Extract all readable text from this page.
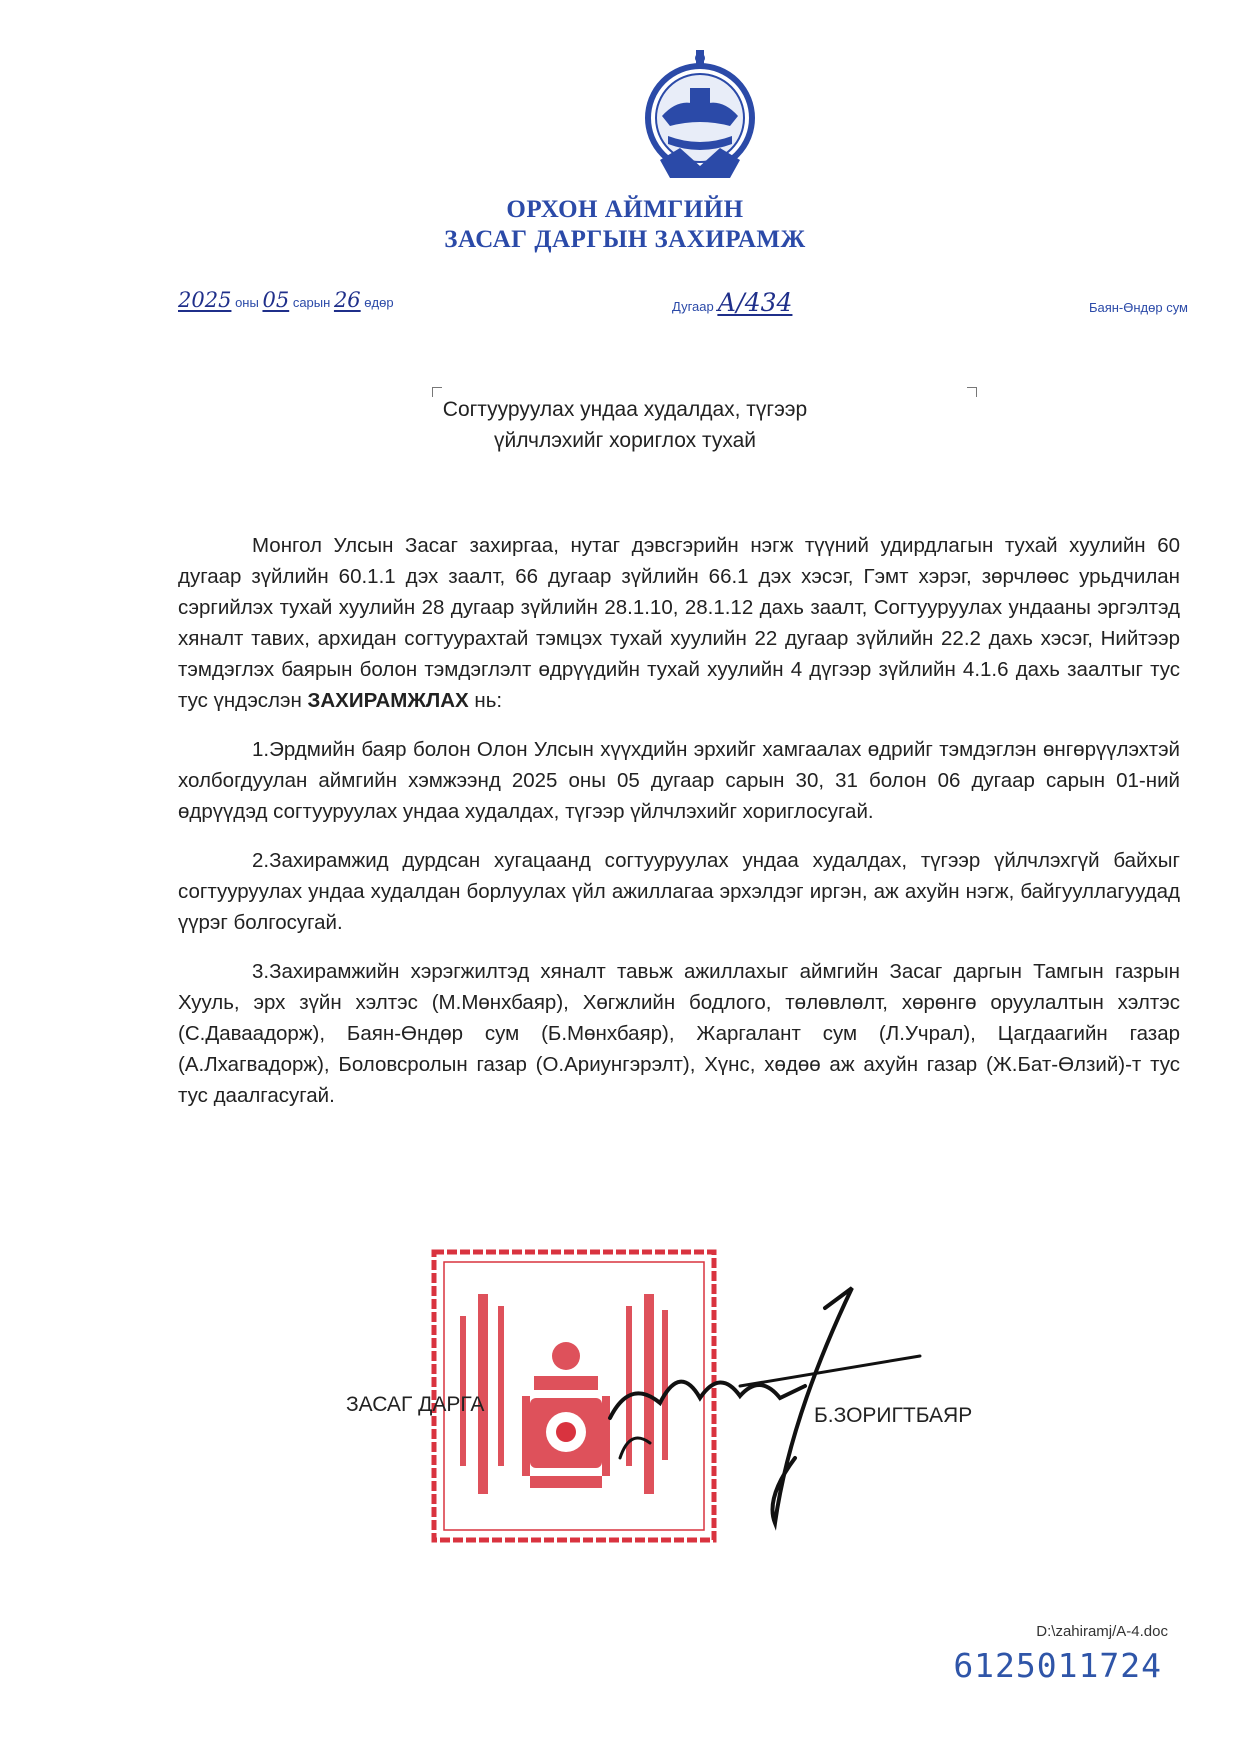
ОРХОН АЙМГИЙН
ЗАСАГ ДАРГЫН ЗАХИРАМЖ
2025 оны 05 сарын 26 өдөр	Дугаар А/434	Баян-Өндөр сум
Согтууруулах ундаа худалдах, түгээр
үйлчлэхийг хориглох тухай

Монгол Улсын Засаг захиргаа, нутаг дэвсгэрийн нэгж түүний удирдлагын тухай хуулийн 60 дугаар зүйлийн 60.1.1 дэх заалт, 66 дугаар зүйлийн 66.1 дэх хэсэг, Гэмт хэрэг, зөрчлөөс урьдчилан сэргийлэх тухай хуулийн 28 дугаар зүйлийн 28.1.10, 28.1.12 дахь заалт, Согтууруулах ундааны эргэлтэд хяналт тавих, архидан согтуурахтай тэмцэх тухай хуулийн 22 дугаар зүйлийн 22.2 дахь хэсэг, Нийтээр тэмдэглэх баярын болон тэмдэглэлт өдрүүдийн тухай хуулийн 4 дүгээр зүйлийн 4.1.6 дахь заалтыг тус тус үндэслэн ЗАХИРАМЖЛАХ нь:

1.Эрдмийн баяр болон Олон Улсын хүүхдийн эрхийг хамгаалах өдрийг тэмдэглэн өнгөрүүлэхтэй холбогдуулан аймгийн хэмжээнд 2025 оны 05 дугаар сарын 30, 31 болон 06 дугаар сарын 01-ний өдрүүдэд согтууруулах ундаа худалдах, түгээр үйлчлэхийг хориглосугай.

2.Захирамжид дурдсан хугацаанд согтууруулах ундаа худалдах, түгээр үйлчлэхгүй байхыг согтууруулах ундаа худалдан борлуулах үйл ажиллагаа эрхэлдэг иргэн, аж ахуйн нэгж, байгууллагуудад үүрэг болгосугай.

3.Захирамжийн хэрэгжилтэд хяналт тавьж ажиллахыг аймгийн Засаг даргын Тамгын газрын Хууль, эрх зүйн хэлтэс (М.Мөнхбаяр), Хөгжлийн бодлого, төлөвлөлт, хөрөнгө оруулалтын хэлтэс (С.Даваадорж), Баян-Өндөр сум (Б.Мөнхбаяр), Жаргалант сум (Л.Учрал), Цагдаагийн газар (А.Лхагвадорж), Боловсролын газар (О.Ариунгэрэлт), Хүнс, хөдөө аж ахуйн газар (Ж.Бат-Өлзий)-т тус тус даалгасугай.

ЗАСАГ ДАРГА	Б.ЗОРИГТБАЯР
D:\zahiramj/A-4.doc
6125011724
